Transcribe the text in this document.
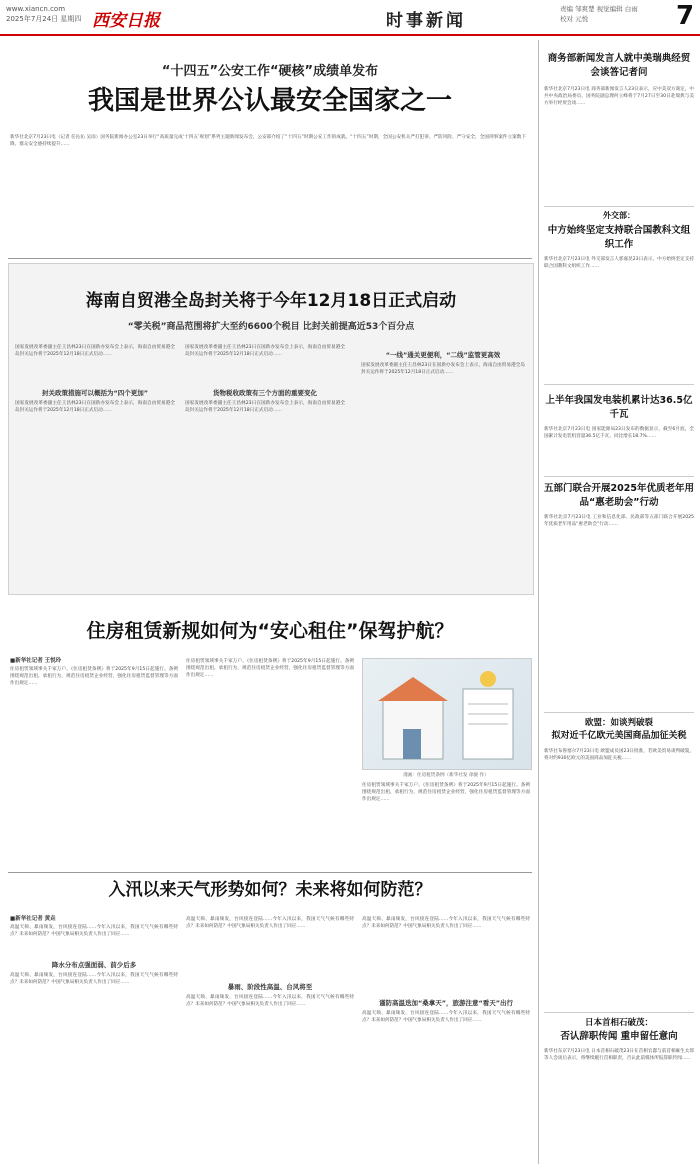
www.xiancn.com
2025年7月24日 星期四 西安日报	时事新闻
责编 邹爽楚 视觉编辑 白雨
校对 元悦	7
“十四五”公安工作“硬核”成绩单发布
我国是世界公认最安全国家之一
新华社北京7月23日电（记者 任沁沁 吴雨）国务院新闻办公室23日举行“高质量完成‘十四五’规划”系列主题新闻发布会，公安部介绍了“十四五”时期公安工作的成就。“十四五”时期，全国公安机关严打犯罪、严防风险、严守安全，全国刑事案件立案数下降，群众安全感持续提升……
海南自贸港全岛封关将于今年12月18日正式启动
“零关税”商品范围将扩大至约6600个税目 比封关前提高近53个百分点
国家发展改革委副主任王昌林23日在国新办发布会上表示，海南自由贸易港全岛封关运作将于2025年12月18日正式启动……
封关政策措施可以概括为“四个更加”
国家发展改革委副主任王昌林23日在国新办发布会上表示，海南自由贸易港全岛封关运作将于2025年12月18日正式启动……
货物税收政策有三个方面的重要变化
国家发展改革委副主任王昌林23日在国新办发布会上表示，海南自由贸易港全岛封关运作将于2025年12月18日正式启动……
国家发展改革委副主任王昌林23日在国新办发布会上表示，海南自由贸易港全岛封关运作将于2025年12月18日正式启动……
“一线”通关更便利，“二线”监管更高效
国家发展改革委副主任王昌林23日在国新办发布会上表示，海南自由贸易港全岛封关运作将于2025年12月18日正式启动……
住房租赁新规如何为“安心租住”保驾护航？
■新华社记者 王悦玲
住房租赁领域事关千家万户。《住房租赁条例》将于2025年9月15日起施行。条例围绕规范出租、承租行为，规范住房租赁企业经营，强化住房租赁监督管理等方面作出规定……
住房租赁领域事关千家万户。《住房租赁条例》将于2025年9月15日起施行。条例围绕规范出租、承租行为，规范住房租赁企业经营，强化住房租赁监督管理等方面作出规定……
漫画：住房租赁条例（新华社发 徐骏 作）
住房租赁领域事关千家万户。《住房租赁条例》将于2025年9月15日起施行。条例围绕规范出租、承租行为，规范住房租赁企业经营，强化住房租赁监督管理等方面作出规定……
入汛以来天气形势如何？未来将如何防范？
■新华社记者 黄垚
高温天频、暴雨频发，台风接连登陆……今年入汛以来，我国天气气候有哪些特点？未来如何防范？中国气象局相关负责人作出了回应……
降水分布点强面弱、前少后多
高温天频、暴雨频发，台风接连登陆……今年入汛以来，我国天气气候有哪些特点？未来如何防范？中国气象局相关负责人作出了回应……
高温天频、暴雨频发，台风接连登陆……今年入汛以来，我国天气气候有哪些特点？未来如何防范？中国气象局相关负责人作出了回应……
暴雨、阶段性高温、台风将至
高温天频、暴雨频发，台风接连登陆……今年入汛以来，我国天气气候有哪些特点？未来如何防范？中国气象局相关负责人作出了回应……
高温天频、暴雨频发，台风接连登陆……今年入汛以来，我国天气气候有哪些特点？未来如何防范？中国气象局相关负责人作出了回应……
谨防高温迭加“桑拿天”，旅游注意“看天”出行
高温天频、暴雨频发，台风接连登陆……今年入汛以来，我国天气气候有哪些特点？未来如何防范？中国气象局相关负责人作出了回应……
商务部新闻发言人就中美瑞典经贸会谈答记者问
新华社北京7月23日电 商务部新闻发言人23日表示，应中美双方商定，中共中央政治局委员、国务院副总理何立峰将于7月27日至30日赴瑞典与美方举行经贸会谈……
外交部：
中方始终坚定支持联合国教科文组织工作
新华社北京7月23日电 外交部发言人郭嘉昆23日表示，中方始终坚定支持联合国教科文组织工作……
上半年我国发电装机累计达36.5亿千瓦
新华社北京7月23日电 国家能源局23日发布的数据显示，截至6月底，全国累计发电装机容量36.5亿千瓦，同比增长18.7%……
五部门联合开展2025年优质老年用品“惠老助会”行动
新华社北京7月23日电 工业和信息化部、民政部等五部门联合开展2025年优质老年用品“惠老助会”行动……
欧盟：如谈判破裂
拟对近千亿欧元美国商品加征关税
新华社布鲁塞尔7月23日电 欧盟成员国23日批准，若欧美贸易谈判破裂，将对约930亿欧元的美国商品加征关税……
日本首相石破茂：
否认辞职传闻 重申留任意向
新华社东京7月23日电 日本首相石破茂23日在首相官邸与前首相麻生太郎等人会谈后表示，将继续履行首相职责，否认此前媒体所报辞职传闻……
